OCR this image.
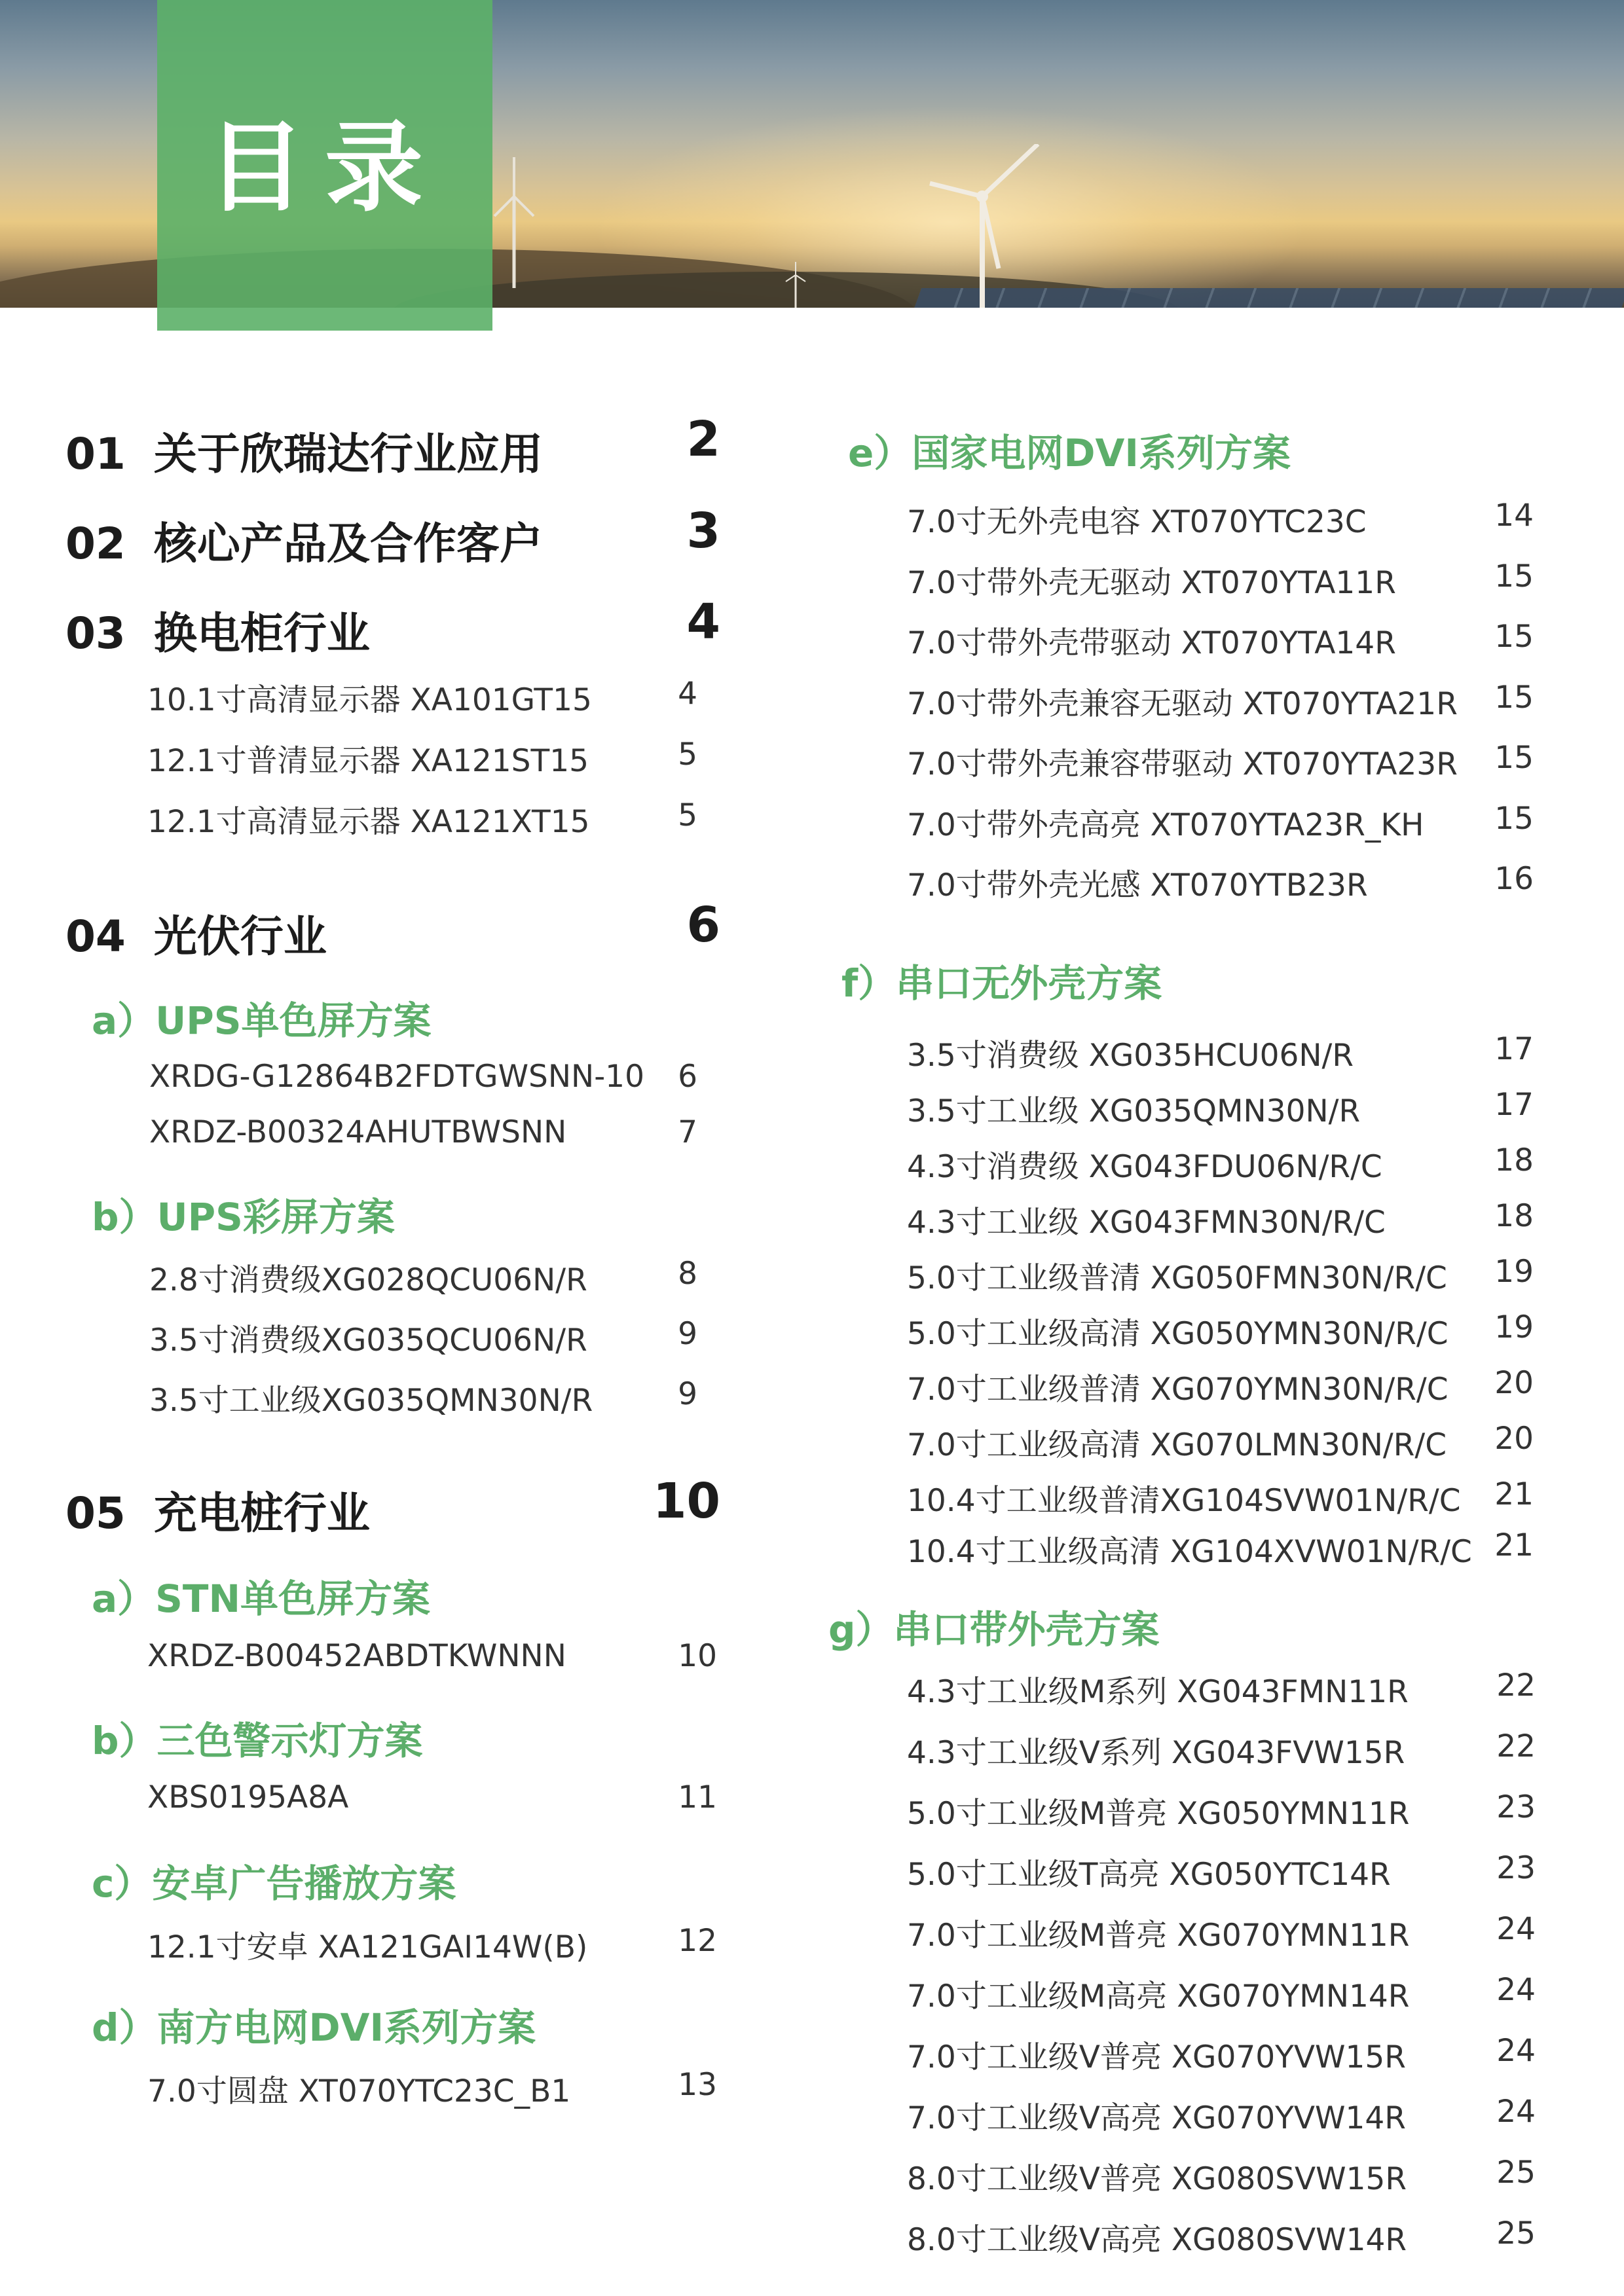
目录
01 关于欣瑞达行业应用	2
02 核心产品及合作客户	3
03 换电柜行业	4
10.1寸高清显示器 XA101GT15	4
12.1寸普清显示器 XA121ST15	5
12.1寸高清显示器 XA121XT15	5
04 光伏行业	6
a）UPS单色屏方案
XRDG-G12864B2FDTGWSNN-10	6
XRDZ-B00324AHUTBWSNN	7
b）UPS彩屏方案
2.8寸消费级XG028QCU06N/R	8
3.5寸消费级XG035QCU06N/R	9
3.5寸工业级XG035QMN30N/R	9
05 充电桩行业	10
a）STN单色屏方案
XRDZ-B00452ABDTKWNNN	10
b）三色警示灯方案
XBS0195A8A	11
c）安卓广告播放方案
12.1寸安卓 XA121GAI14W(B)	12
d）南方电网DVI系列方案
7.0寸圆盘 XT070YTC23C_B1	13
e）国家电网DVI系列方案
7.0寸无外壳电容 XT070YTC23C	14
7.0寸带外壳无驱动 XT070YTA11R	15
7.0寸带外壳带驱动 XT070YTA14R	15
7.0寸带外壳兼容无驱动 XT070YTA21R	15
7.0寸带外壳兼容带驱动 XT070YTA23R	15
7.0寸带外壳高亮 XT070YTA23R_KH	15
7.0寸带外壳光感 XT070YTB23R	16
f）串口无外壳方案
3.5寸消费级 XG035HCU06N/R	17
3.5寸工业级 XG035QMN30N/R	17
4.3寸消费级 XG043FDU06N/R/C	18
4.3寸工业级 XG043FMN30N/R/C	18
5.0寸工业级普清 XG050FMN30N/R/C	19
5.0寸工业级高清 XG050YMN30N/R/C	19
7.0寸工业级普清 XG070YMN30N/R/C	20
7.0寸工业级高清 XG070LMN30N/R/C	20
10.4寸工业级普清XG104SVW01N/R/C	21
10.4寸工业级高清 XG104XVW01N/R/C 21
g）串口带外壳方案
4.3寸工业级M系列 XG043FMN11R	22
4.3寸工业级V系列 XG043FVW15R	22
5.0寸工业级M普亮 XG050YMN11R	23
5.0寸工业级T高亮 XG050YTC14R	23
7.0寸工业级M普亮 XG070YMN11R	24
7.0寸工业级M高亮 XG070YMN14R	24
7.0寸工业级V普亮 XG070YVW15R	24
7.0寸工业级V高亮 XG070YVW14R	24
8.0寸工业级V普亮 XG080SVW15R	25
8.0寸工业级V高亮 XG080SVW14R	25
